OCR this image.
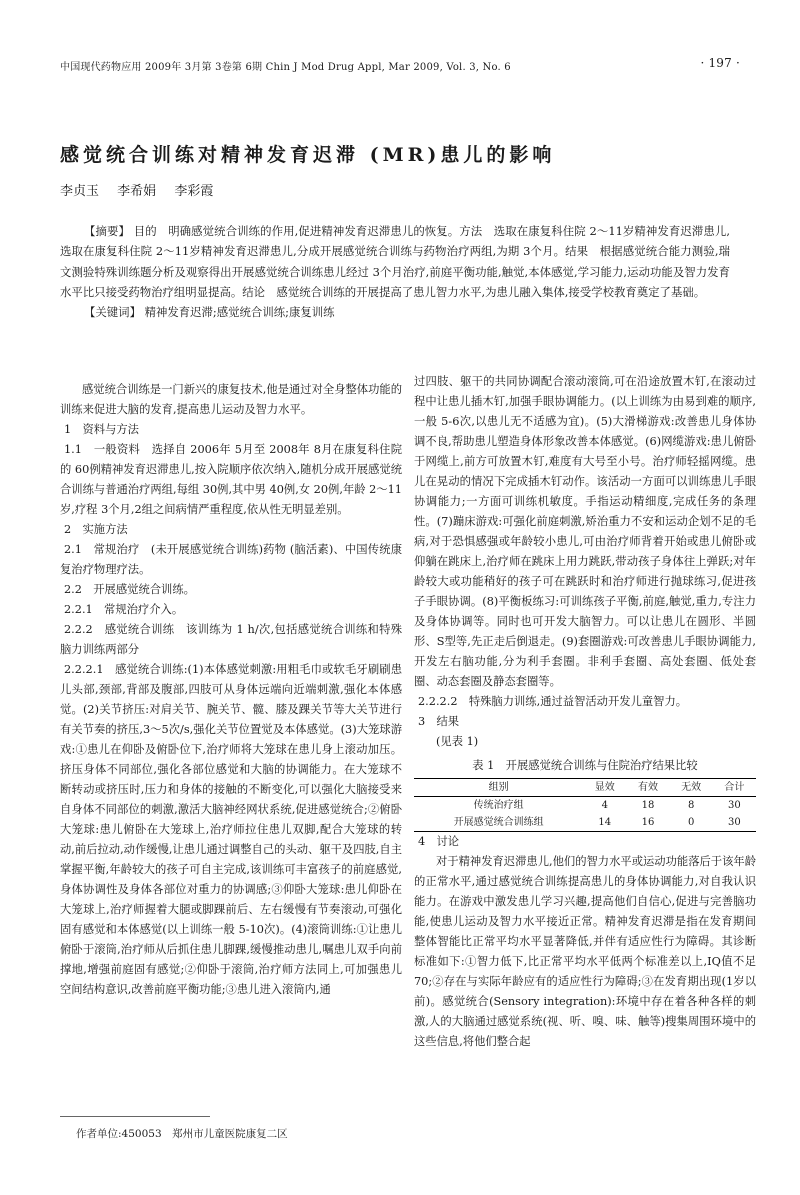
中国现代药物应用 2009年 3月第 3卷第 6期 Chin J Mod Drug Appl, Mar 2009, Vol. 3, No. 6	· 197 ·
感觉统合训练对精神发育迟滞 (MR)患儿的影响
李贞玉 李希娟 李彩霞

【摘要】 目的　明确感觉统合训练的作用,促进精神发育迟滞患儿的恢复。方法　选取在康复科住院 2～11岁精神发育迟滞患儿,选取在康复科住院 2～11岁精神发育迟滞患儿,分成开展感觉统合训练与药物治疗两组,为期 3个月。结果　根据感觉统合能力测验,瑞文测验特殊训练题分析及观察得出开展感觉统合训练患儿经过 3个月治疗,前庭平衡功能,触觉,本体感觉,学习能力,运动功能及智力发育水平比只接受药物治疗组明显提高。结论　感觉统合训练的开展提高了患儿智力水平,为患儿融入集体,接受学校教育奠定了基础。

【关键词】 精神发育迟滞;感觉统合训练;康复训练

感觉统合训练是一门新兴的康复技术,他是通过对全身整体功能的训练来促进大脑的发育,提高患儿运动及智力水平。

1　资料与方法

1.1　一般资料　选择自 2006年 5月至 2008年 8月在康复科住院的 60例精神发育迟滞患儿,按入院顺序依次纳入,随机分成开展感觉统合训练与普通治疗两组,每组 30例,其中男 40例,女 20例,年龄 2～11岁,疗程 3个月,2组之间病情严重程度,依从性无明显差别。

2　实施方法

2.1　常规治疗　(未开展感觉统合训练)药物 (脑活素)、中国传统康复治疗物理疗法。

2.2　开展感觉统合训练。

2.2.1　常规治疗介入。

2.2.2　感觉统合训练　该训练为 1 h/次,包括感觉统合训练和特殊脑力训练两部分

2.2.2.1　感觉统合训练:(1)本体感觉刺激:用粗毛巾或软毛牙刷刷患儿头部,颈部,背部及腹部,四肢可从身体远端向近端刺激,强化本体感觉。(2)关节挤压:对肩关节、腕关节、髋、膝及踝关节等大关节进行有关节奏的挤压,3～5次/s,强化关节位置觉及本体感觉。(3)大笼球游戏:①患儿在仰卧及俯卧位下,治疗师将大笼球在患儿身上滚动加压。挤压身体不同部位,强化各部位感觉和大脑的协调能力。在大笼球不断转动或挤压时,压力和身体的接触的不断变化,可以强化大脑接受来自身体不同部位的刺激,激活大脑神经网状系统,促进感觉统合;②俯卧大笼球:患儿俯卧在大笼球上,治疗师拉住患儿双脚,配合大笼球的转动,前后拉动,动作缓慢,让患儿通过调整自己的头动、躯干及四肢,自主掌握平衡,年龄较大的孩子可自主完成,该训练可丰富孩子的前庭感觉,身体协调性及身体各部位对重力的协调感;③仰卧大笼球:患儿仰卧在大笼球上,治疗师握着大腿或脚踝前后、左右缓慢有节奏滚动,可强化固有感觉和本体感觉(以上训练一般 5-10次)。(4)滚筒训练:①让患儿俯卧于滚筒,治疗师从后抓住患儿脚踝,缓慢推动患儿,嘱患儿双手向前撑地,增强前庭固有感觉;②仰卧于滚筒,治疗师方法同上,可加强患儿空间结构意识,改善前庭平衡功能;③患儿进入滚筒内,通

过四肢、躯干的共同协调配合滚动滚筒,可在沿途放置木钉,在滚动过程中让患儿插木钉,加强手眼协调能力。(以上训练为由易到难的顺序,一般 5-6次,以患儿无不适感为宜)。(5)大滑梯游戏:改善患儿身体协调不良,帮助患儿塑造身体形象改善本体感觉。(6)网缆游戏:患儿俯卧于网缆上,前方可放置木钉,难度有大号至小号。治疗师轻摇网缆。患儿在晃动的情况下完成插木钉动作。该活动一方面可以训练患儿手眼协调能力;一方面可训练机敏度。手指运动精细度,完成任务的条理性。(7)蹦床游戏:可强化前庭刺激,矫治重力不安和运动企划不足的毛病,对于恐惧感强或年龄较小患儿,可由治疗师背着开始或患儿俯卧或仰躺在跳床上,治疗师在跳床上用力跳跃,带动孩子身体往上弹跃;对年龄较大或功能稍好的孩子可在跳跃时和治疗师进行抛球练习,促进孩子手眼协调。(8)平衡板练习:可训练孩子平衡,前庭,触觉,重力,专注力及身体协调等。同时也可开发大脑智力。可以让患儿在圆形、半圆形、S型等,先正走后倒退走。(9)套圈游戏:可改善患儿手眼协调能力,开发左右脑功能,分为利手套圈。非利手套圈、高处套圈、低处套圈、动态套圈及静态套圈等。

2.2.2.2　特殊脑力训练,通过益智活动开发儿童智力。

3　结果

(见表 1)

表 1　开展感觉统合训练与住院治疗结果比较
组别	显效	有效	无效	合计
传统治疗组	4	18	8	30
开展感觉统合训练组	14	16	0	30

4　讨论

对于精神发育迟滞患儿,他们的智力水平或运动功能落后于该年龄的正常水平,通过感觉统合训练提高患儿的身体协调能力,对自我认识能力。在游戏中激发患儿学习兴趣,提高他们自信心,促进与完善脑功能,使患儿运动及智力水平接近正常。精神发育迟滞是指在发育期间整体智能比正常平均水平显著降低,并伴有适应性行为障碍。其诊断标准如下:①智力低下,比正常平均水平低两个标准差以上,IQ值不足 70;②存在与实际年龄应有的适应性行为障碍;③在发育期出现(1岁以前)。感觉统合(Sensory integration):环境中存在着各种各样的刺激,人的大脑通过感觉系统(视、听、嗅、味、触等)搜集周围环境中的这些信息,将他们整合起

作者单位:450053　郑州市儿童医院康复二区
